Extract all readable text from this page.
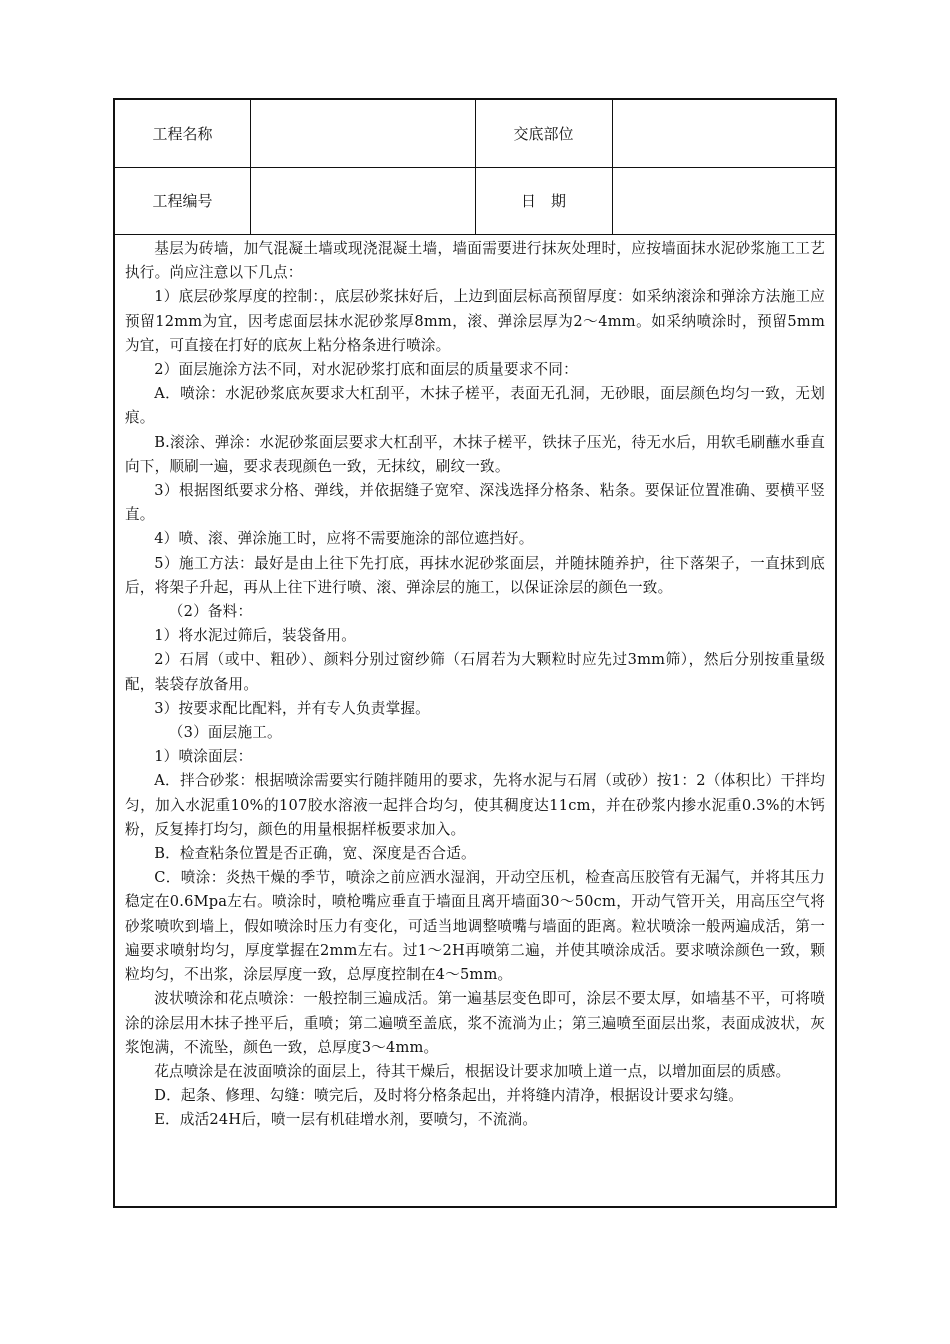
工程名称	交底部位
工程编号	日　期

基层为砖墙，加气混凝土墙或现浇混凝土墙，墙面需要进行抹灰处理时，应按墙面抹水泥砂浆施工工艺执行。尚应注意以下几点：

1）底层砂浆厚度的控制：，底层砂浆抹好后，上边到面层标高预留厚度：如采纳滚涂和弹涂方法施工应预留12mm为宜，因考虑面层抹水泥砂浆厚8mm，滚、弹涂层厚为2～4mm。如采纳喷涂时，预留5mm为宜，可直接在打好的底灰上粘分格条进行喷涂。

2）面层施涂方法不同，对水泥砂浆打底和面层的质量要求不同：

A．喷涂：水泥砂浆底灰要求大杠刮平，木抹子槎平，表面无孔洞，无砂眼，面层颜色均匀一致，无划痕。

B.滚涂、弹涂：水泥砂浆面层要求大杠刮平，木抹子槎平，铁抹子压光，待无水后，用软毛刷蘸水垂直向下，顺刷一遍，要求表现颜色一致，无抹纹，刷纹一致。

3）根据图纸要求分格、弹线，并依据缝子宽窄、深浅选择分格条、粘条。要保证位置准确、要横平竖直。

4）喷、滚、弹涂施工时，应将不需要施涂的部位遮挡好。

5）施工方法：最好是由上往下先打底，再抹水泥砂浆面层，并随抹随养护，往下落架子，一直抹到底后，将架子升起，再从上往下进行喷、滚、弹涂层的施工，以保证涂层的颜色一致。

（2）备料：

1）将水泥过筛后，装袋备用。

2）石屑（或中、粗砂）、颜料分别过窗纱筛（石屑若为大颗粒时应先过3mm筛），然后分别按重量级配，装袋存放备用。

3）按要求配比配料，并有专人负责掌握。

（3）面层施工。

1）喷涂面层：

A．拌合砂浆：根据喷涂需要实行随拌随用的要求，先将水泥与石屑（或砂）按1：2（体积比）干拌均匀，加入水泥重10%的107胶水溶液一起拌合均匀，使其稠度达11cm，并在砂浆内掺水泥重0.3%的木钙粉，反复捧打均匀，颜色的用量根据样板要求加入。

B．检查粘条位置是否正确，宽、深度是否合适。

C．喷涂：炎热干燥的季节，喷涂之前应洒水湿润，开动空压机，检查高压胶管有无漏气，并将其压力稳定在0.6Mpa左右。喷涂时，喷枪嘴应垂直于墙面且离开墙面30～50cm，开动气管开关，用高压空气将砂浆喷吹到墙上，假如喷涂时压力有变化，可适当地调整喷嘴与墙面的距离。粒状喷涂一般两遍成活，第一遍要求喷射均匀，厚度掌握在2mm左右。过1～2H再喷第二遍，并使其喷涂成活。要求喷涂颜色一致，颗粒均匀，不出浆，涂层厚度一致，总厚度控制在4～5mm。

波状喷涂和花点喷涂：一般控制三遍成活。第一遍基层变色即可，涂层不要太厚，如墙基不平，可将喷涂的涂层用木抹子挫平后，重喷；第二遍喷至盖底，浆不流淌为止；第三遍喷至面层出浆，表面成波状，灰浆饱满，不流坠，颜色一致，总厚度3～4mm。

花点喷涂是在波面喷涂的面层上，待其干燥后，根据设计要求加喷上道一点，以增加面层的质感。

D．起条、修理、勾缝：喷完后，及时将分格条起出，并将缝内清净，根据设计要求勾缝。

E．成活24H后，喷一层有机硅增水剂，要喷匀，不流淌。
